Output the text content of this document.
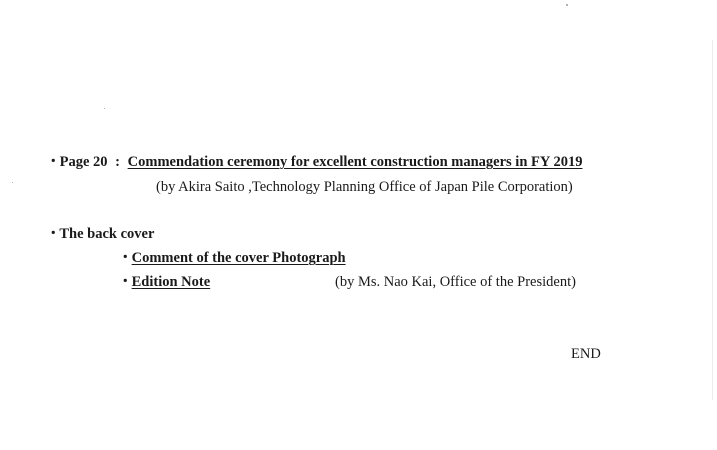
・ Page 20 : Commendation ceremony for excellent construction managers in FY 2019
(by Akira Saito ,Technology Planning Office of Japan Pile Corporation)
・ The back cover
・ Comment of the cover Photograph
・ Edition Note	(by Ms. Nao Kai, Office of the President)
END
